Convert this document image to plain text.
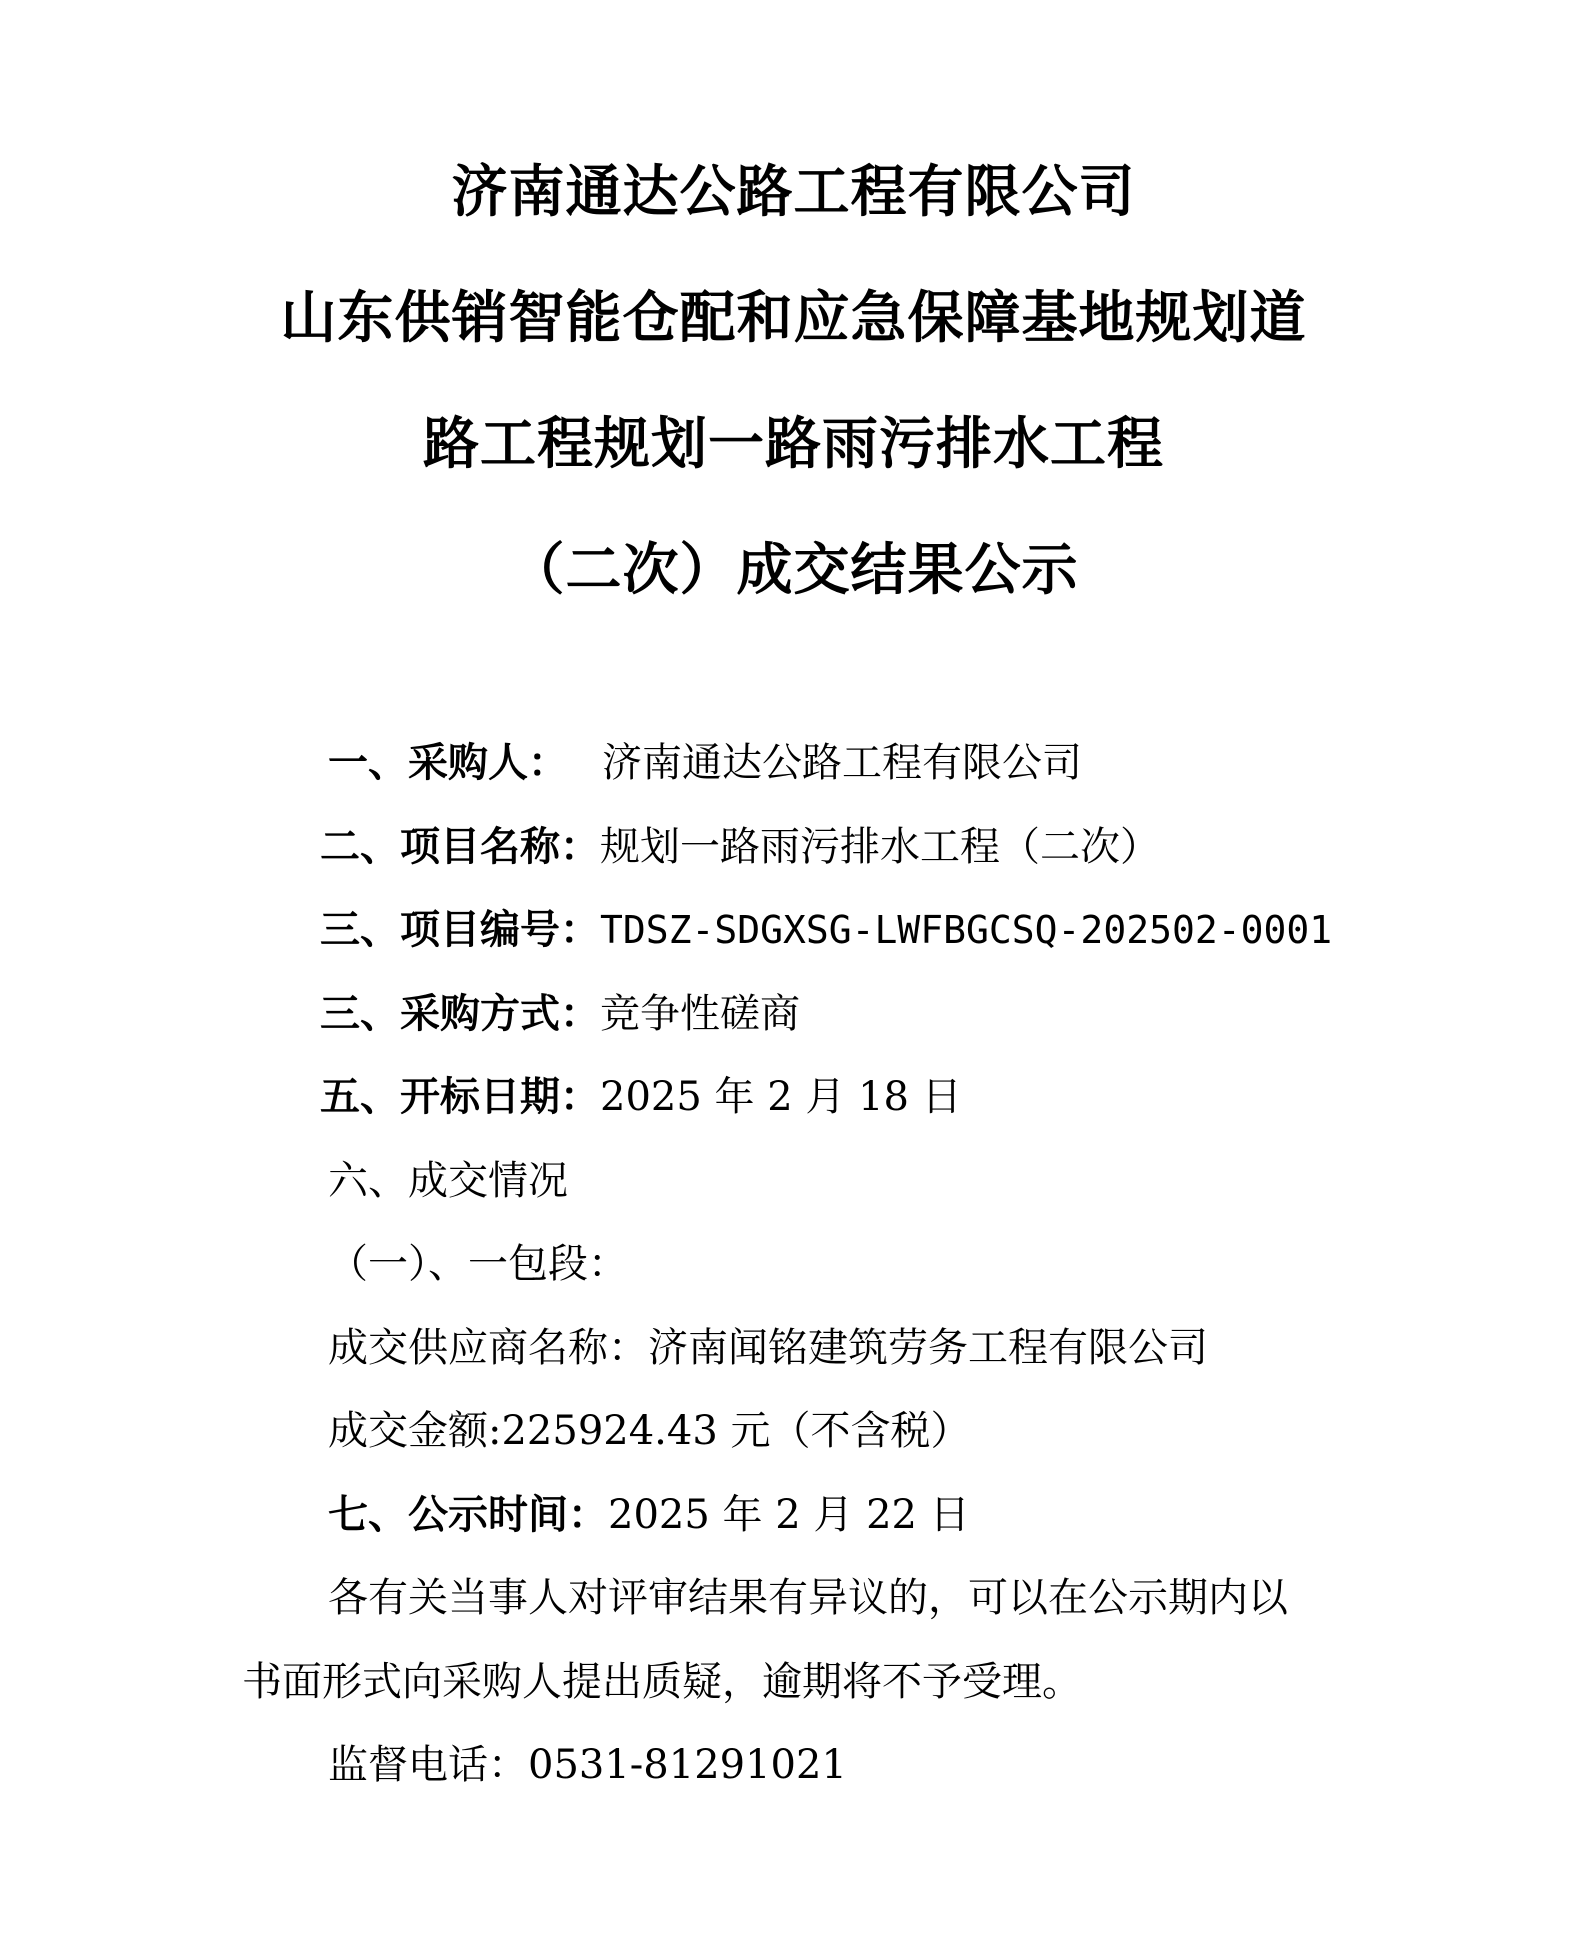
济南通达公路工程有限公司
山东供销智能仓配和应急保障基地规划道
路工程规划一路雨污排水工程
（二次）成交结果公示
一、采购人： 济南通达公路工程有限公司
二、项目名称：规划一路雨污排水工程（二次）
三、项目编号：TDSZ-SDGXSG-LWFBGCSQ-202502-0001
三、采购方式：竞争性磋商
五、开标日期：2025 年 2 月 18 日
六、成交情况
（一）、一包段：
成交供应商名称：济南闻铭建筑劳务工程有限公司
成交金额:225924.43 元（不含税）
七、公示时间：2025 年 2 月 22 日
各有关当事人对评审结果有异议的，可以在公示期内以
书面形式向采购人提出质疑，逾期将不予受理。
监督电话：0531-81291021
